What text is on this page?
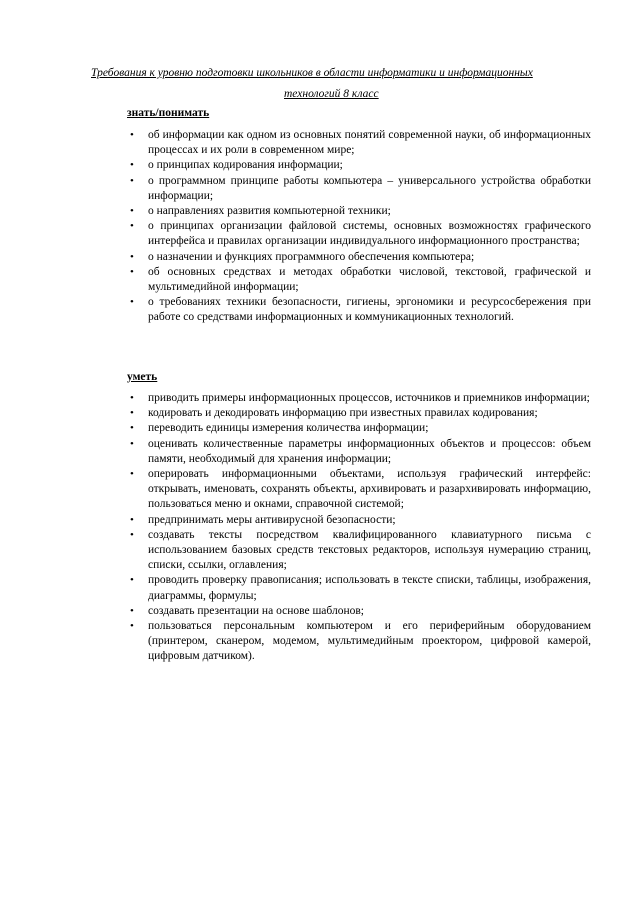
Требования к уровню подготовки школьников в области информатики и информационных
технологий 8 класс
знать/понимать
• об информации как одном из основных понятий современной науки, об информационных процессах и их роли в современном мире;
• о принципах кодирования информации;
• о программном принципе работы компьютера – универсального устройства обработки информации;
• о направлениях развития компьютерной техники;
• о принципах организации файловой системы, основных возможностях графического интерфейса и правилах организации индивидуального информационного пространства;
• о назначении и функциях программного обеспечения компьютера;
• об основных средствах и методах обработки числовой, текстовой, графической и мультимедийной информации;
• о требованиях техники безопасности, гигиены, эргономики и ресурсосбережения при работе со средствами информационных и коммуникационных технологий.
уметь
• приводить примеры информационных процессов, источников и приемников информации;
• кодировать и декодировать информацию при известных правилах кодирования;
• переводить единицы измерения количества информации;
• оценивать количественные параметры информационных объектов и процессов: объем памяти, необходимый для хранения информации;
• оперировать информационными объектами, используя графический интерфейс: открывать, именовать, сохранять объекты, архивировать и разархивировать информацию, пользоваться меню и окнами, справочной системой;
• предпринимать меры антивирусной безопасности;
• создавать тексты посредством квалифицированного клавиатурного письма с использованием базовых средств текстовых редакторов, используя нумерацию страниц, списки, ссылки, оглавления;
• проводить проверку правописания; использовать в тексте списки, таблицы, изображения, диаграммы, формулы;
• создавать презентации на основе шаблонов;
• пользоваться персональным компьютером и его периферийным оборудованием (принтером, сканером, модемом, мультимедийным проектором, цифровой камерой, цифровым датчиком).
